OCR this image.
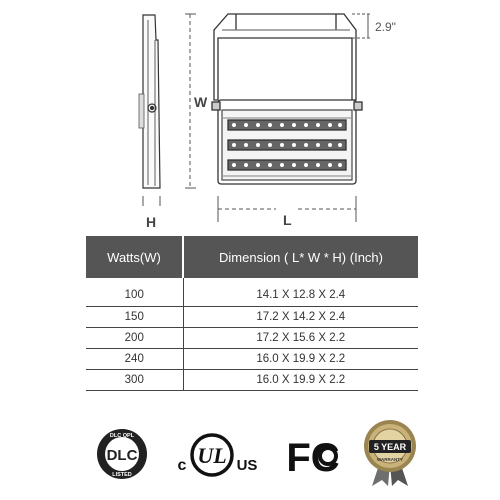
W
H	L
2.9"
Watts(W)	Dimension ( L* W * H) (Inch)
100	14.1 X 12.8 X 2.4
150	17.2 X 14.2 X 2.4
200	17.2 X 15.6 X 2.2
240	16.0 X 19.9 X 2.2
300	16.0 X 19.9 X 2.2
DLC
DLC QPL
LISTED
c UL US FC	5 YEAR
WARRANTY
